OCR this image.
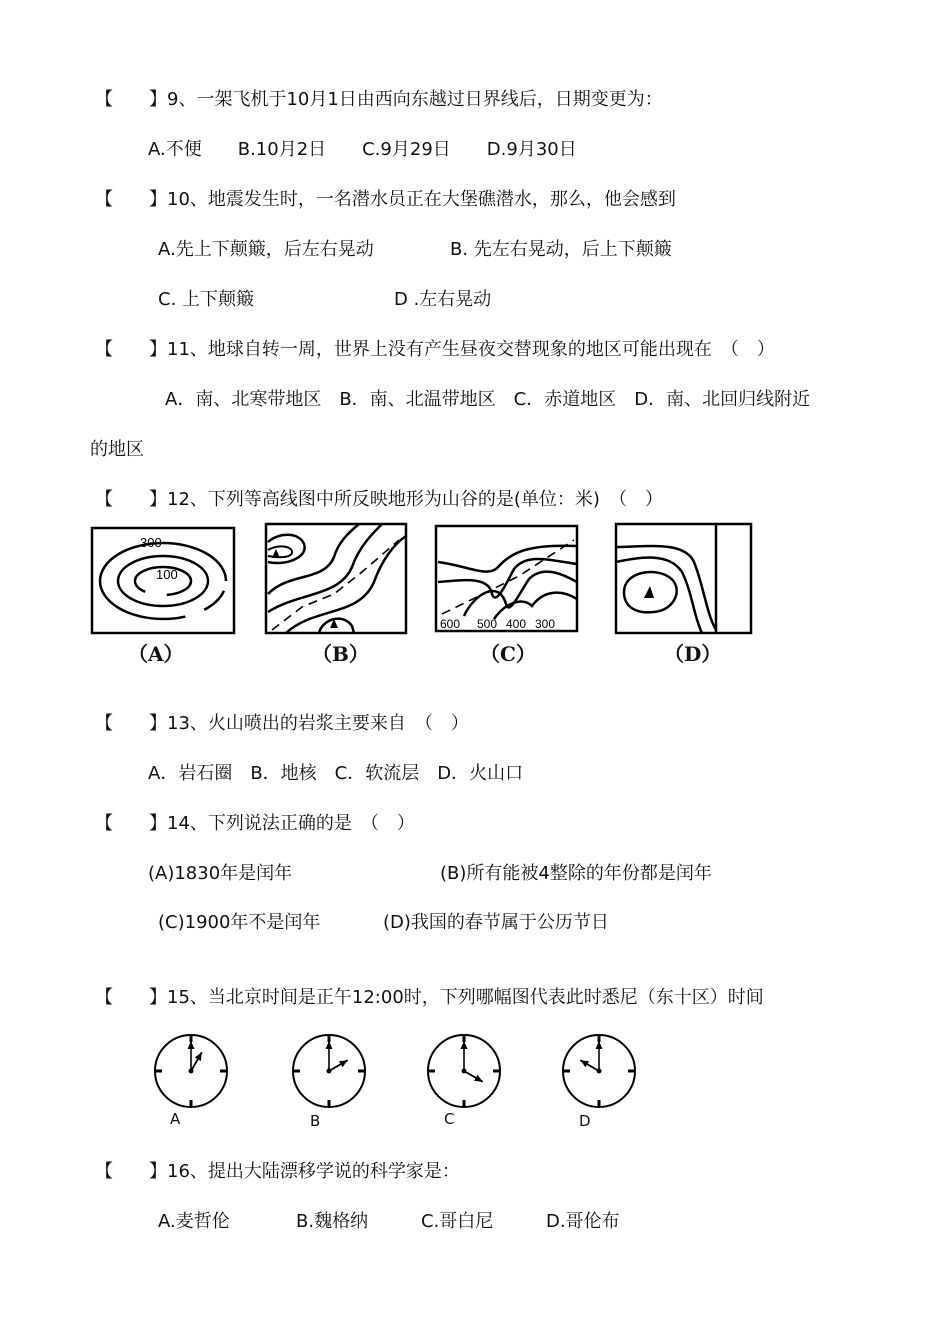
【　　】9、一架飞机于10月1日由西向东越过日界线后，日期变更为：
A.不便　　B.10月2日　　C.9月29日　　D.9月30日
【　　】10、地震发生时，一名潜水员正在大堡礁潜水，那么，他会感到
A.先上下颠簸，后左右晃动	B. 先左右晃动，后上下颠簸
C. 上下颠簸	D .左右晃动
【　　】11、地球自转一周，世界上没有产生昼夜交替现象的地区可能出现在　（　）
A．南、北寒带地区　B．南、北温带地区　C．赤道地区　D．南、北回归线附近
的地区
【　　】12、下列等高线图中所反映地形为山谷的是(单位：米)　（　）
300
100
600 500 400 300
（A）	（B）	（C）	（D）
【　　】13、火山喷出的岩浆主要来自　（　）
A．岩石圈　B．地核　C．软流层　D．火山口
【　　】14、下列说法正确的是　（　）
(A)1830年是闰年	(B)所有能被4整除的年份都是闰年
(C)1900年不是闰年	(D)我国的春节属于公历节日
【　　】15、当北京时间是正午12:00时，下列哪幅图代表此时悉尼（东十区）时间
A	B	C	D
【　　】16、提出大陆漂移学说的科学家是：
A.麦哲伦	B.魏格纳	C.哥白尼	D.哥伦布
